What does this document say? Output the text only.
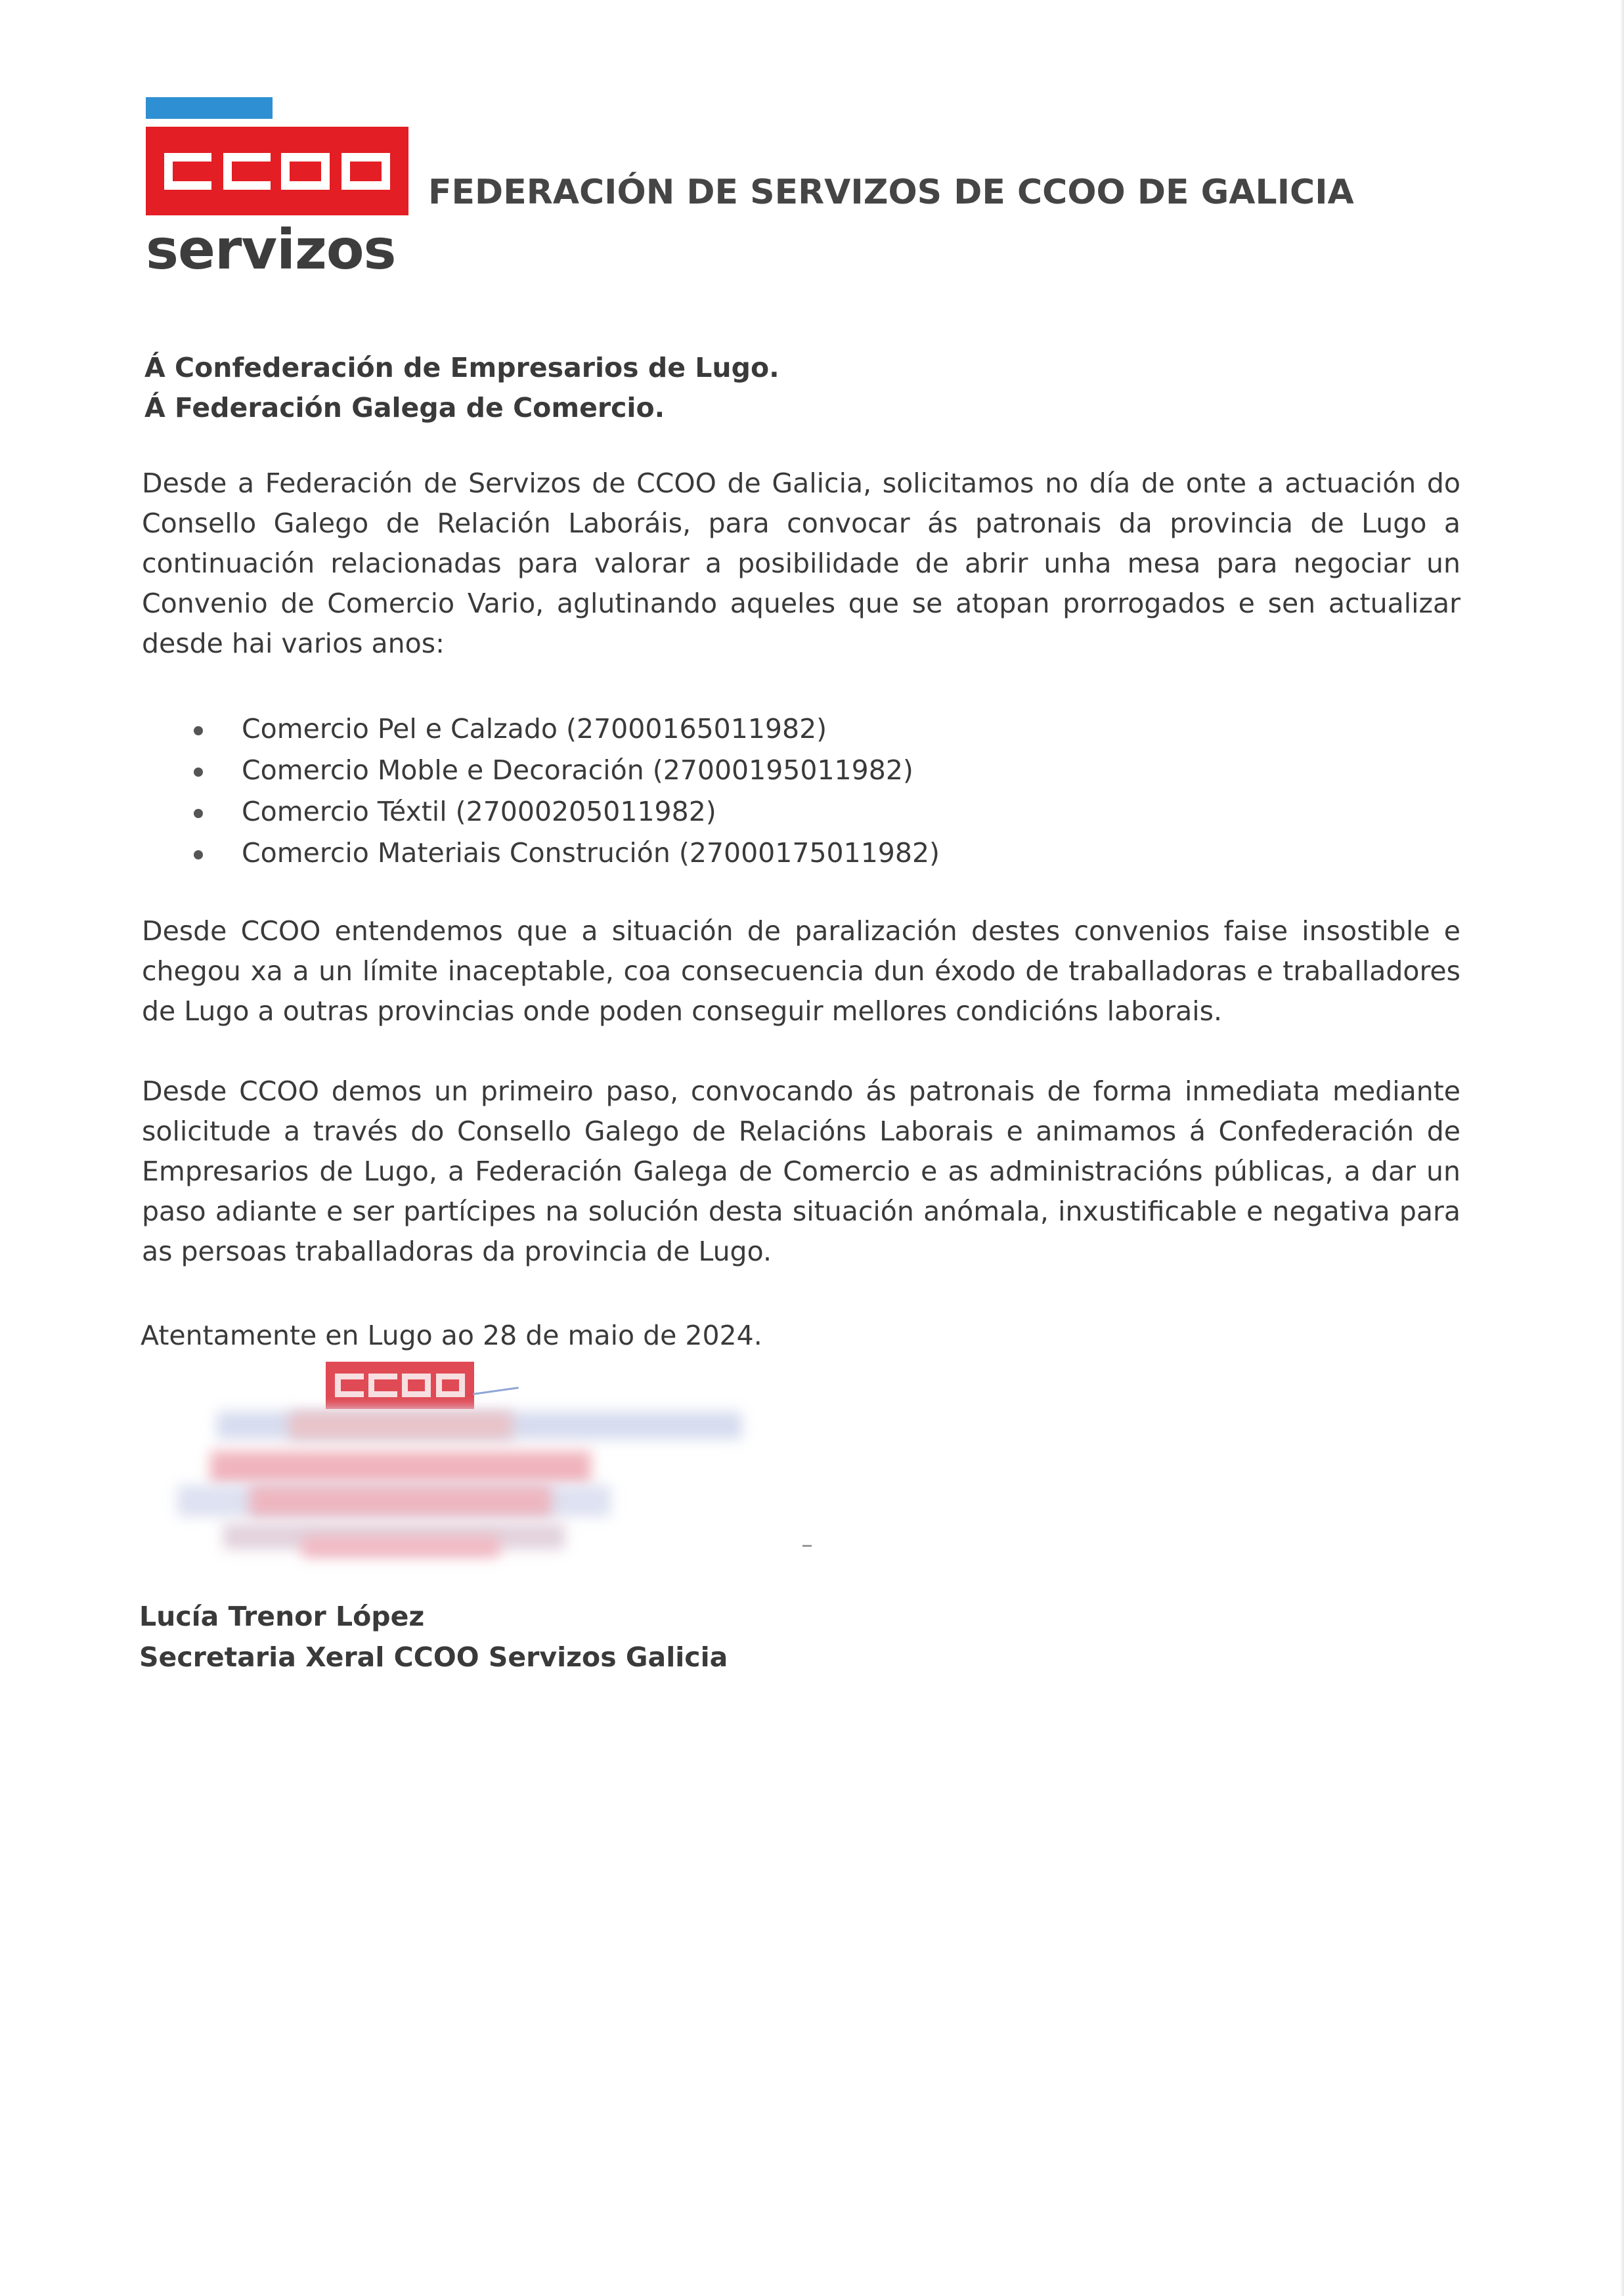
servizos
FEDERACIÓN DE SERVIZOS DE CCOO DE GALICIA
Á Confederación de Empresarios de Lugo.
Á Federación Galega de Comercio.

Desde a Federación de Servizos de CCOO de Galicia, solicitamos no día de onte a actuación do Consello Galego de Relación Laboráis, para convocar ás patronais da provincia de Lugo a continuación relacionadas para valorar a posibilidade de abrir unha mesa para negociar un Convenio de Comercio Vario, aglutinando aqueles que se atopan prorrogados e sen actualizar desde hai varios anos:

Comercio Pel e Calzado (27000165011982)
Comercio Moble e Decoración (27000195011982)
Comercio Téxtil (27000205011982)
Comercio Materiais Construción (27000175011982)

Desde CCOO entendemos que a situación de paralización destes convenios faise insostible e chegou xa a un límite inaceptable, coa consecuencia dun éxodo de traballadoras e traballadores de Lugo a outras provincias onde poden conseguir mellores condicións laborais.

Desde CCOO demos un primeiro paso, convocando ás patronais de forma inmediata mediante solicitude a través do Consello Galego de Relacións Laborais e animamos á Confederación de Empresarios de Lugo, a Federación Galega de Comercio e as administracións públicas, a dar un paso adiante e ser partícipes na solución desta situación anómala, inxustificable e negativa para as persoas traballadoras da provincia de Lugo.

Atentamente en Lugo ao 28 de maio de 2024.
Lucía Trenor López
Secretaria Xeral CCOO Servizos Galicia
